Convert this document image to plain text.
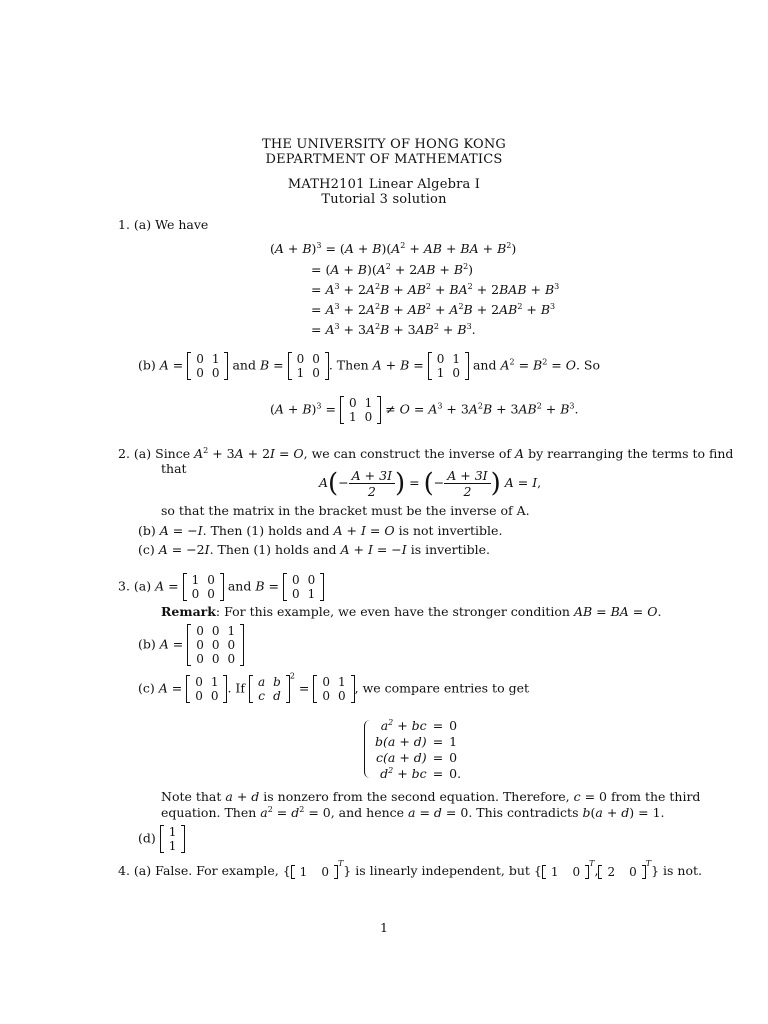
THE UNIVERSITY OF HONG KONG
DEPARTMENT OF MATHEMATICS
MATH2101 Linear Algebra I
Tutorial 3 solution
1. (a) We have
$(A + B)^3 = (A + B)(A^2$ + AB + BA + $B^2$)
= $(A + B)(A^2 + 2AB + B^2)$
= $A^3 + 2A^2B + AB^2 + BA^2 + 2BAB + B^3$
= $A^3 + 2A^2B + AB^2 + A^2B + 2AB^2 + B^3$
= $A^3 + 3A^2B + 3AB^2 + B^3$.
(b) A = 0	1
0	0
and B = 0	0
1	0
. Then A + B = 0	1
1	0
and $A^2 = B^2 = O$. So
$(A + B)^3 = 0$	1
1	0
≠ $O = A^3 + 3A^2B + 3AB^2 + B^3$.
2. (a) Since $A^2 + 3A + 2I = O$, we can construct the inverse of A by rearranging the terms to find
that
$A(- \frac{A + 3I}{2}$ ) = (− $\frac{A + 3I}{2}$ ) A = I,
so that the matrix in the bracket must be the inverse of A.
(b) A = −I. Then (1) holds and A + I = O is not invertible.
(c) A = −2I. Then (1) holds and A + I = −I is invertible.
3. (a) A = 1	0
0	0
and B = 0	0
0	1
Remark: For this example, we even have the stronger condition AB = BA = O.
(b) A =
0	0	1
0	0	0
0	0	0
(c) A = 0	1
0	0
. If a	b
c	d
$^2$ = 0	1
0	0
, we compare entries to get
$a^2$ + bc	=	0
b(a + d)	=	1
c(a + d)	=	0
$d^2$ + bc	=	0.
Note that a + d is nonzero from the second equation. Therefore, c = 0 from the third
equation. Then $a^2 = d^2 = 0$, and hence a = d = 0. This contradicts b(a + d) = 1.
(d) 1
1
4. (a) False. For example, { 1	0
$^T$} is linearly independent, but { 1	0
$^T$, 2	0
$^T$} is not.
1
